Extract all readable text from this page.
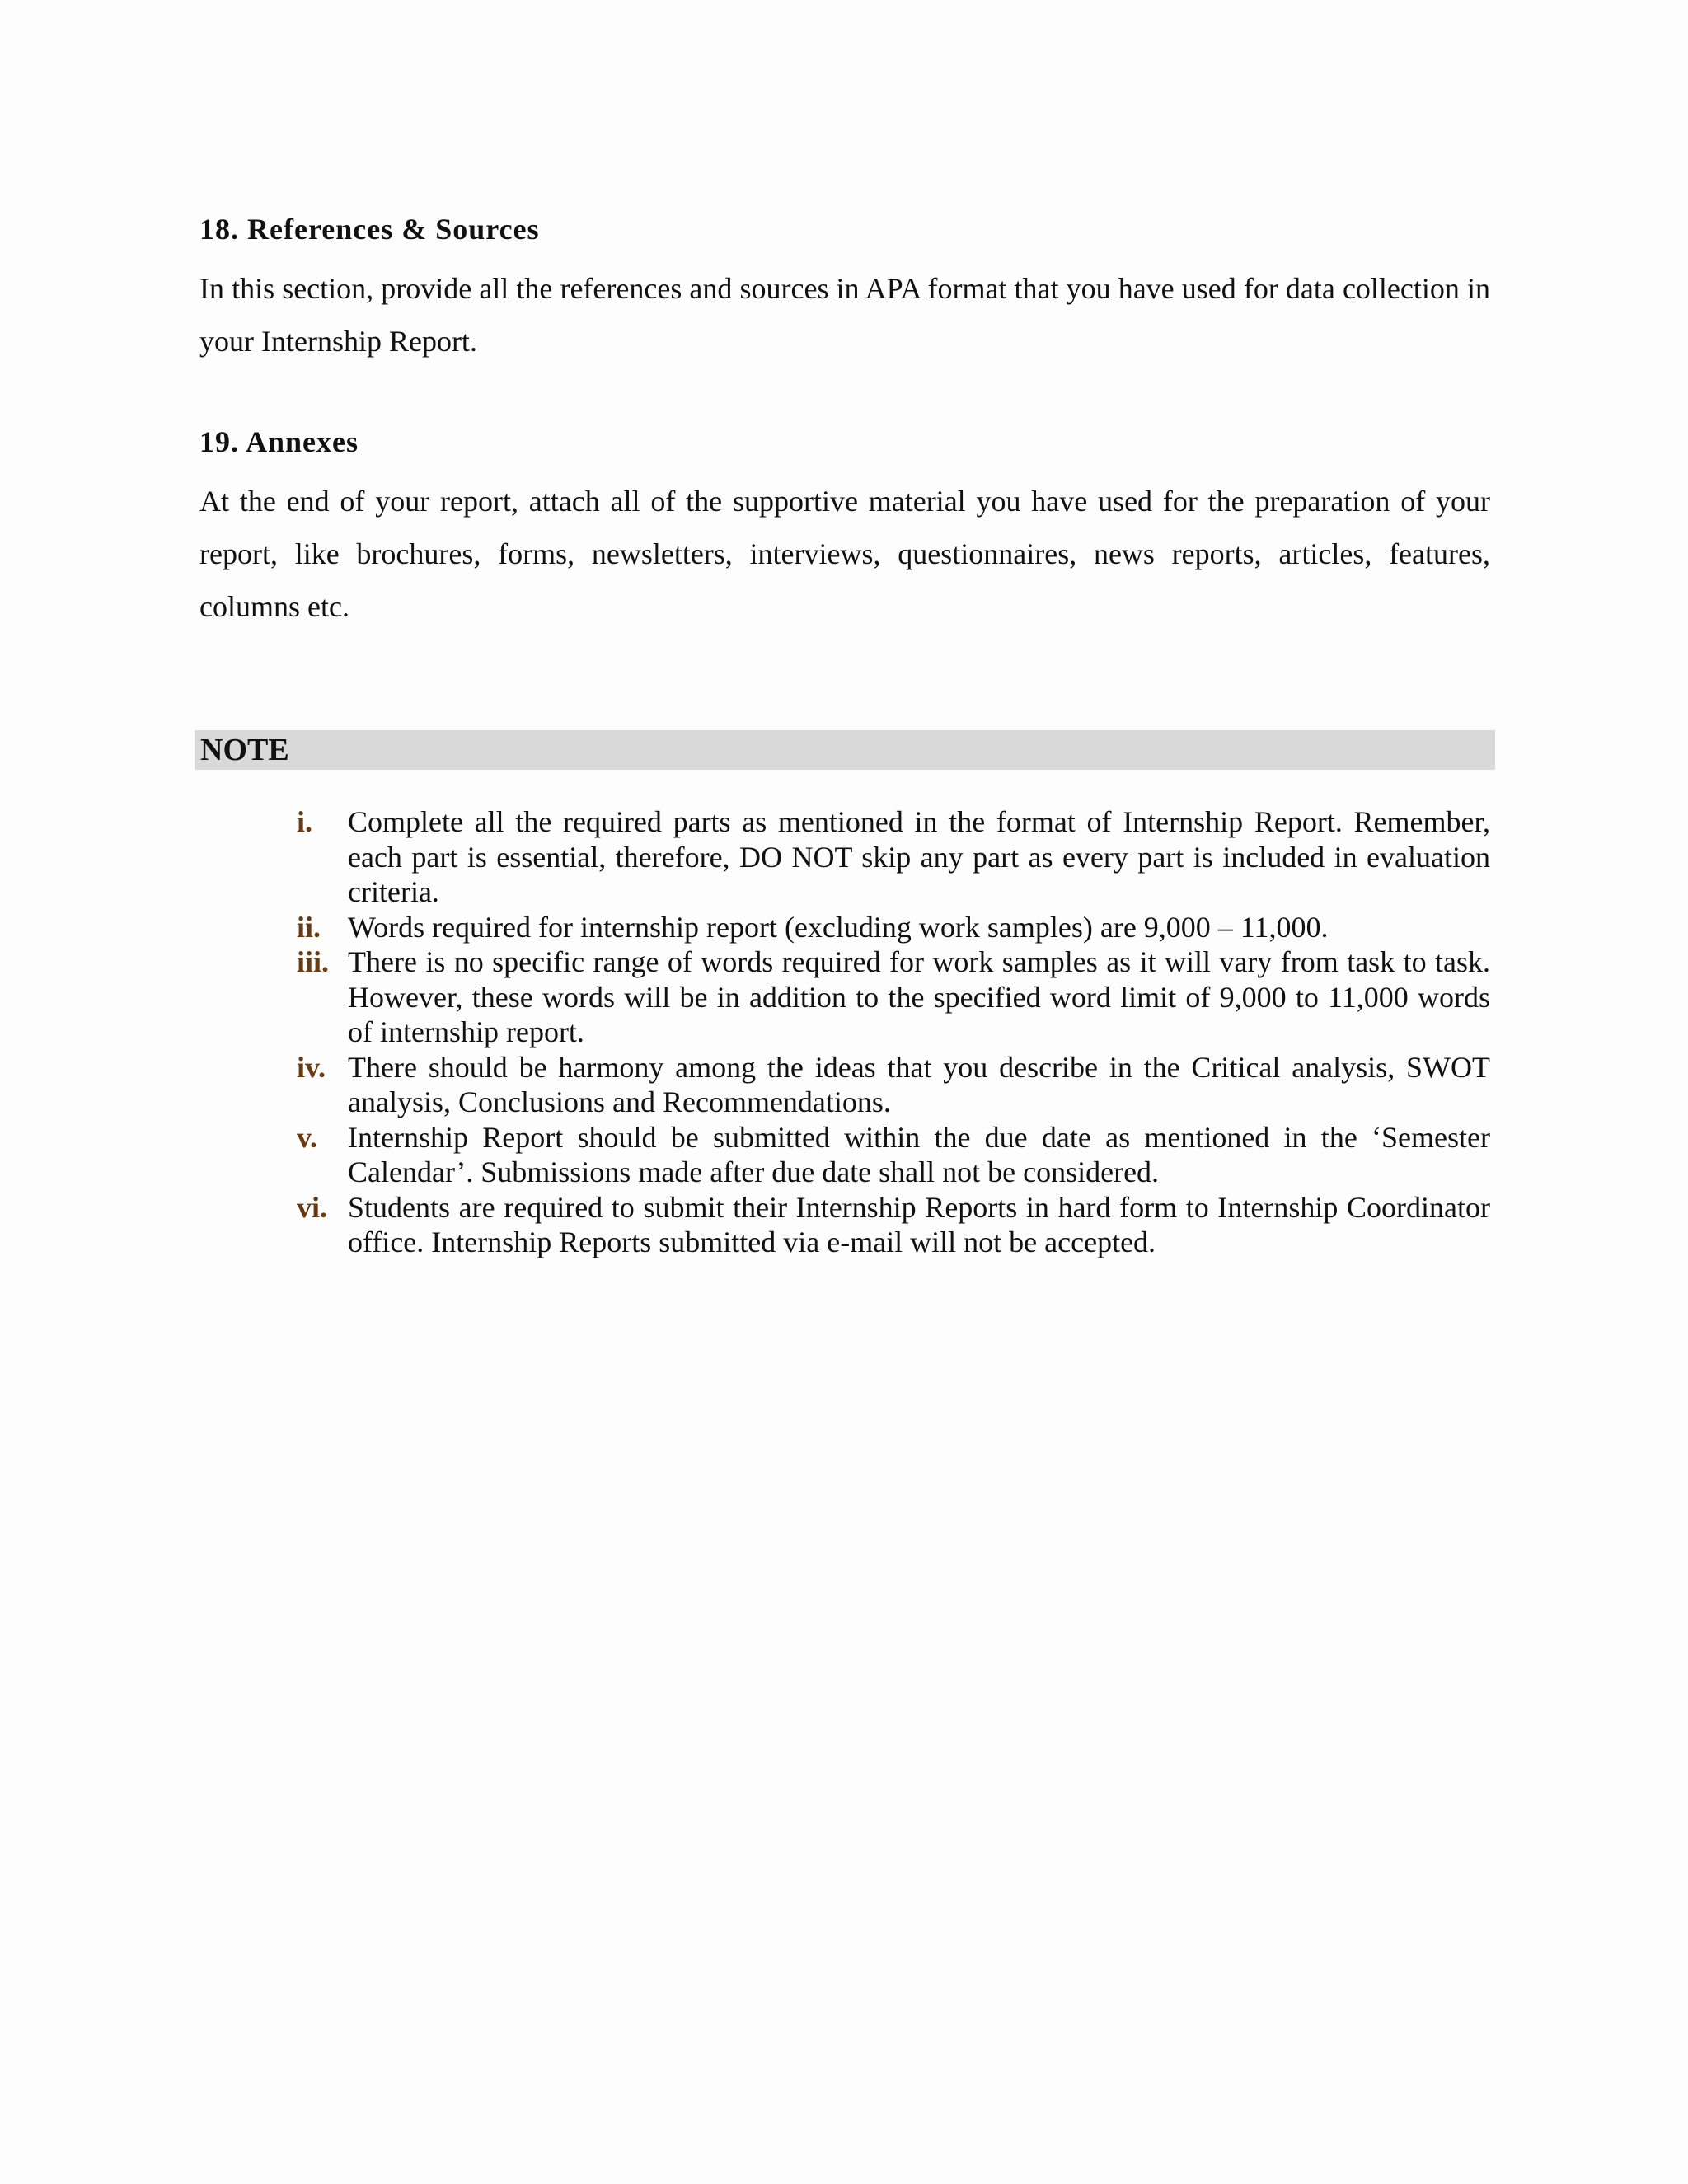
18. References & Sources

In this section, provide all the references and sources in APA format that you have used for data collection in your Internship Report.

19. Annexes

At the end of your report, attach all of the supportive material you have used for the preparation of your report, like brochures, forms, newsletters, interviews, questionnaires, news reports, articles, features, columns etc.

NOTE
i.	Complete all the required parts as mentioned in the format of Internship Report. Remember, each part is essential, therefore, DO NOT skip any part as every part is included in evaluation criteria.
ii. Words required for internship report (excluding work samples) are 9,000 – 11,000.
iii. There is no specific range of words required for work samples as it will vary from task to task. However, these words will be in addition to the specified word limit of 9,000 to 11,000 words of internship report.
iv. There should be harmony among the ideas that you describe in the Critical analysis, SWOT analysis, Conclusions and Recommendations.
v.	Internship Report should be submitted within the due date as mentioned in the ‘Semester Calendar’. Submissions made after due date shall not be considered.
vi. Students are required to submit their Internship Reports in hard form to Internship Coordinator office. Internship Reports submitted via e-mail will not be accepted.
